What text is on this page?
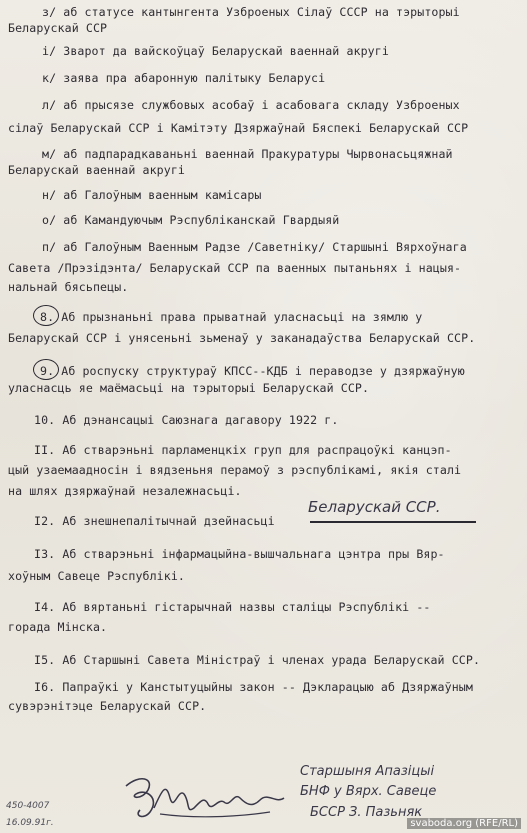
з/ аб статусе кантынгента Узброеных Сілаў СССР на тэрыторыі
Беларускай ССР
і/ Зварот да вайскоўцаў Беларускай ваеннай акругі
к/ заява пра абаронную палітыку Беларусі
л/ аб прысязе службовых асобаў і асабовага складу Узброеных
сілаў Беларускай ССР і Камітэту Дзяржаўнай Бяспекі Беларускай ССР
м/ аб падпарадкаваньні ваеннай Пракуратуры Чырвонасьцяжнай
Беларускай ваеннай акругі
н/ аб Галоўным ваенным камісары
о/ аб Камандуючым Рэспубліканскай Гвардыяй
п/ аб Галоўным Ваенным Радзе /Саветніку/ Старшыні Вярхоўнага
Савета /Прэзідэнта/ Беларускай ССР па ваенных пытаньнях і нацыя-
нальнай бясьпецы.
8. Аб прызнаньні права прыватнай уласнасьці на зямлю у
Беларускай ССР і уняcеньні зьменаў у заканадаўства Беларускай ССР.
9. Аб роспуску структураў КПСС--КДБ і пераводзе у дзяржаўную
уласнасць яе маёмасьці на тэрыторыі Беларускай ССР.
10. Аб дэнансацыі Саюзнага дагавору 1922 г.
II. Аб стварэньні парламенцкіх груп для распрацоўкі канцэп-
цый узаемаадносін і вядзеньня перамоў з рэспублікамі, якія сталі
на шлях дзяржаўнай незалежнасьці.
I2. Аб знешнепалітычнай дзейнасьці
Беларускай ССР.
I3. Аб стварэньні інфармацыйна-вышчальнага цэнтра пры Вяр-
хоўным Савеце Рэспублікі.
I4. Аб вяртаньні гістарычнай назвы сталіцы Рэспублікі --
горада Мінска.
I5. Аб Старшыні Савета Міністраў і членах урада Беларускай ССР.
I6. Папраўкі у Канстытуцыйны закон -- Дэкларацыю аб Дзяржаўным
сувэрэнітэце Беларускай ССР.
Старшыня Апазіцыі
БНФ у Вярх. Савеце
БССР З. Пазьняк
450-4007
16.09.91г.	svaboda.org (RFE/RL)
